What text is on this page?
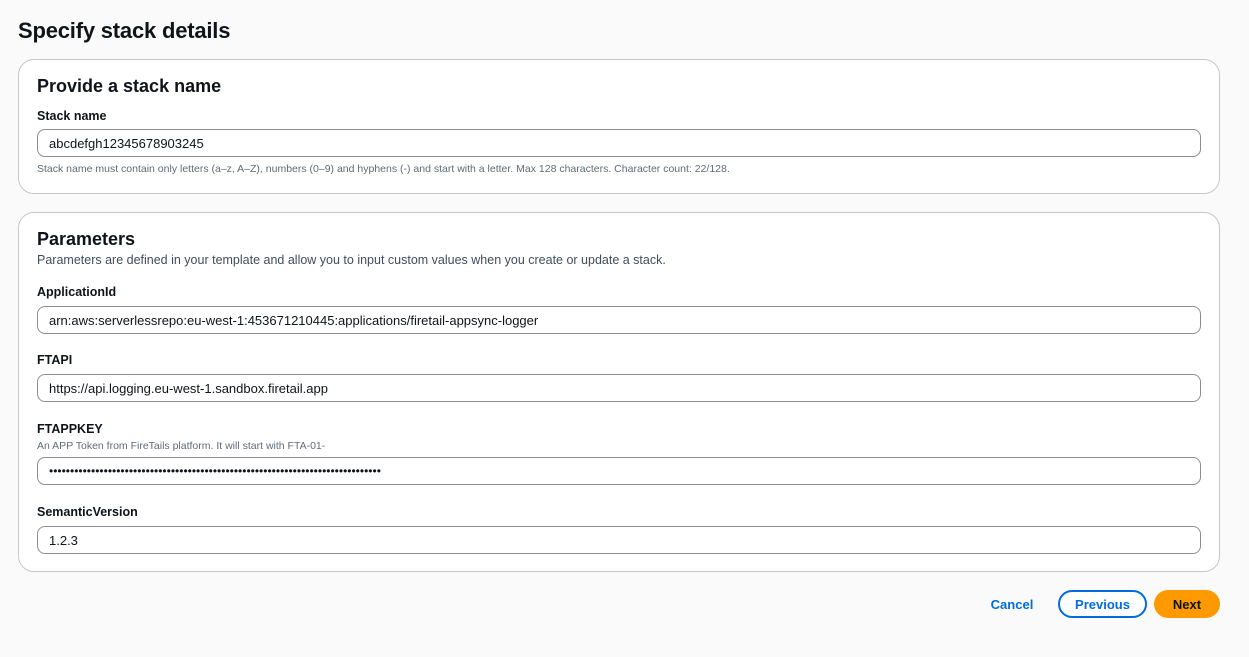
Specify stack details
Provide a stack name
Stack name
abcdefgh12345678903245
Stack name must contain only letters (a–z, A–Z), numbers (0–9) and hyphens (-) and start with a letter. Max 128 characters. Character count: 22/128.
Parameters
Parameters are defined in your template and allow you to input custom values when you create or update a stack.
ApplicationId
arn:aws:serverlessrepo:eu-west-1:453671210445:applications/firetail-appsync-logger
FTAPI
https://api.logging.eu-west-1.sandbox.firetail.app
FTAPPKEY
An APP Token from FireTails platform. It will start with FTA-01-
•••••••••••••••••••••••••••••••••••••••••••••••••••••••••••••••••••••••••••••••
SemanticVersion
1.2.3
Cancel	Previous	Next
